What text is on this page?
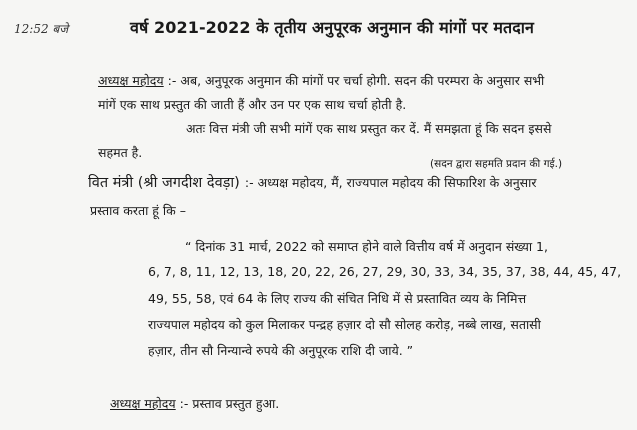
12:52 बजे	वर्ष 2021-2022 के तृतीय अनुपूरक अनुमान की मांगों पर मतदान
अध्यक्ष महोदय :- अब, अनुपूरक अनुमान की मांगों पर चर्चा होगी. सदन की परम्परा के अनुसार सभी
मांगें एक साथ प्रस्तुत की जाती हैं और उन पर एक साथ चर्चा होती है.
अतः वित्त मंत्री जी सभी मांगें एक साथ प्रस्तुत कर दें. मैं समझता हूं कि सदन इससे
सहमत है.
(सदन द्वारा सहमति प्रदान की गई.)
वित मंत्री (श्री जगदीश देवड़ा) :- अध्यक्ष महोदय, मैं, राज्यपाल महोदय की सिफारिश के अनुसार
प्रस्ताव करता हूं कि –
“ दिनांक 31 मार्च, 2022 को समाप्त होने वाले वित्तीय वर्ष में अनुदान संख्या 1,
6, 7, 8, 11, 12, 13, 18, 20, 22, 26, 27, 29, 30, 33, 34, 35, 37, 38, 44, 45, 47,
49, 55, 58, एवं 64 के लिए राज्य की संचित निधि में से प्रस्तावित व्यय के निमित्त
राज्यपाल महोदय को कुल मिलाकर पन्द्रह हज़ार दो सौ सोलह करोड़, नब्बे लाख, सतासी
हज़ार, तीन सौ निन्यान्वे रुपये की अनुपूरक राशि दी जाये. ”
अध्यक्ष महोदय :- प्रस्ताव प्रस्तुत हुआ.
